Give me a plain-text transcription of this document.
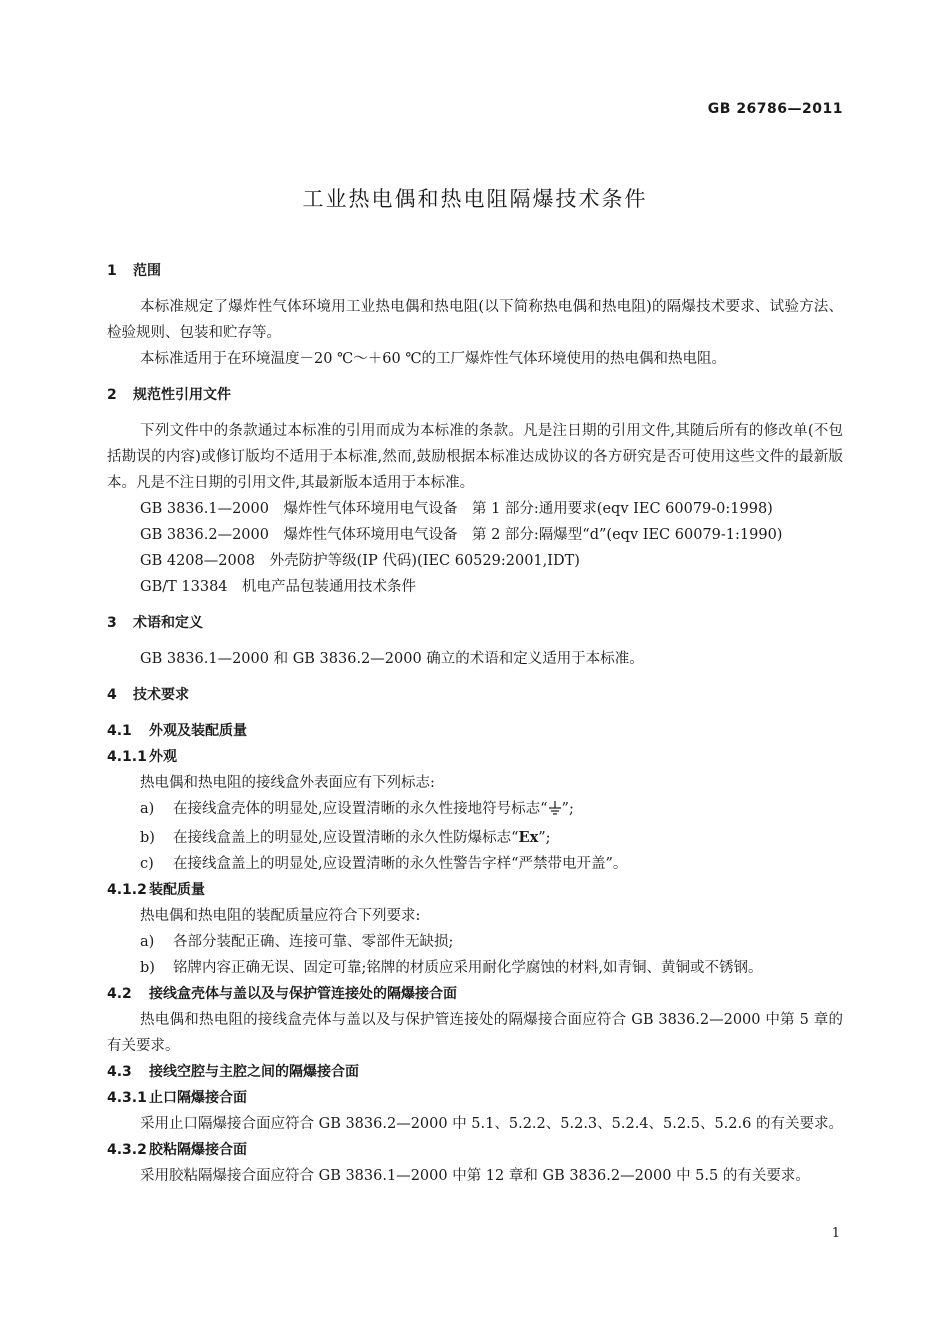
GB 26786—2011
工业热电偶和热电阻隔爆技术条件
1 范围

本标准规定了爆炸性气体环境用工业热电偶和热电阻(以下简称热电偶和热电阻)的隔爆技术要求、试验方法、检验规则、包装和贮存等。

本标准适用于在环境温度－20 ℃～＋60 ℃的工厂爆炸性气体环境使用的热电偶和热电阻。

2 规范性引用文件

下列文件中的条款通过本标准的引用而成为本标准的条款。凡是注日期的引用文件,其随后所有的修改单(不包括勘误的内容)或修订版均不适用于本标准,然而,鼓励根据本标准达成协议的各方研究是否可使用这些文件的最新版本。凡是不注日期的引用文件,其最新版本适用于本标准。

GB 3836.1—2000　爆炸性气体环境用电气设备　第 1 部分:通用要求(eqv IEC 60079-0:1998)

GB 3836.2—2000　爆炸性气体环境用电气设备　第 2 部分:隔爆型“d”(eqv IEC 60079-1:1990)

GB 4208—2008　外壳防护等级(IP 代码)(IEC 60529:2001,IDT)

GB/T 13384　机电产品包装通用技术条件

3 术语和定义

GB 3836.1—2000 和 GB 3836.2—2000 确立的术语和定义适用于本标准。

4 技术要求
4.1 外观及装配质量
4.1.1 外观

热电偶和热电阻的接线盒外表面应有下列标志:

a) 在接线盒壳体的明显处,应设置清晰的永久性接地符号标志“ ”;

b) 在接线盒盖上的明显处,应设置清晰的永久性防爆标志“Ex”;

c) 在接线盒盖上的明显处,应设置清晰的永久性警告字样“严禁带电开盖”。

4.1.2 装配质量

热电偶和热电阻的装配质量应符合下列要求:

a) 各部分装配正确、连接可靠、零部件无缺损;

b) 铭牌内容正确无误、固定可靠;铭牌的材质应采用耐化学腐蚀的材料,如青铜、黄铜或不锈钢。

4.2 接线盒壳体与盖以及与保护管连接处的隔爆接合面

热电偶和热电阻的接线盒壳体与盖以及与保护管连接处的隔爆接合面应符合 GB 3836.2—2000 中第 5 章的有关要求。

4.3 接线空腔与主腔之间的隔爆接合面
4.3.1 止口隔爆接合面

采用止口隔爆接合面应符合 GB 3836.2—2000 中 5.1、5.2.2、5.2.3、5.2.4、5.2.5、5.2.6 的有关要求。

4.3.2 胶粘隔爆接合面

采用胶粘隔爆接合面应符合 GB 3836.1—2000 中第 12 章和 GB 3836.2—2000 中 5.5 的有关要求。

1
